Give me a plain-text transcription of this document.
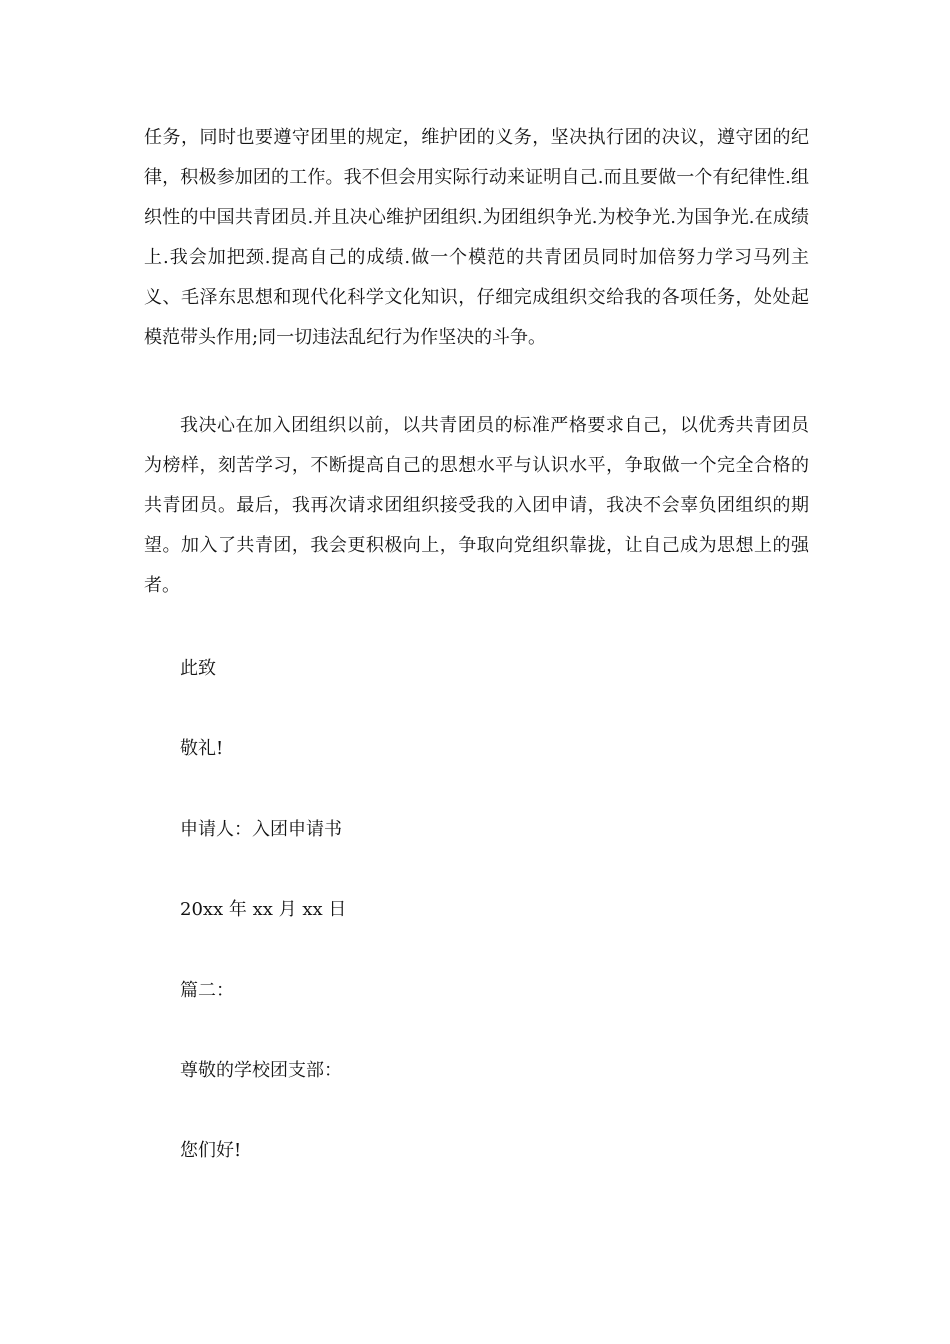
任务，同时也要遵守团里的规定，维护团的义务，坚决执行团的决议，遵守团的纪律，积极参加团的工作。我不但会用实际行动来证明自己.而且要做一个有纪律性.组织性的中国共青团员.并且决心维护团组织.为团组织争光.为校争光.为国争光.在成绩上.我会加把颈.提高自己的成绩.做一个模范的共青团员同时加倍努力学习马列主义、毛泽东思想和现代化科学文化知识，仔细完成组织交给我的各项任务，处处起模范带头作用;同一切违法乱纪行为作坚决的斗争。

我决心在加入团组织以前，以共青团员的标准严格要求自己，以优秀共青团员为榜样，刻苦学习，不断提高自己的思想水平与认识水平，争取做一个完全合格的共青团员。最后，我再次请求团组织接受我的入团申请，我决不会辜负团组织的期望。加入了共青团，我会更积极向上，争取向党组织靠拢，让自己成为思想上的强者。

此致

敬礼!

申请人：入团申请书

20xx 年 xx 月 xx 日

篇二：

尊敬的学校团支部：

您们好!
